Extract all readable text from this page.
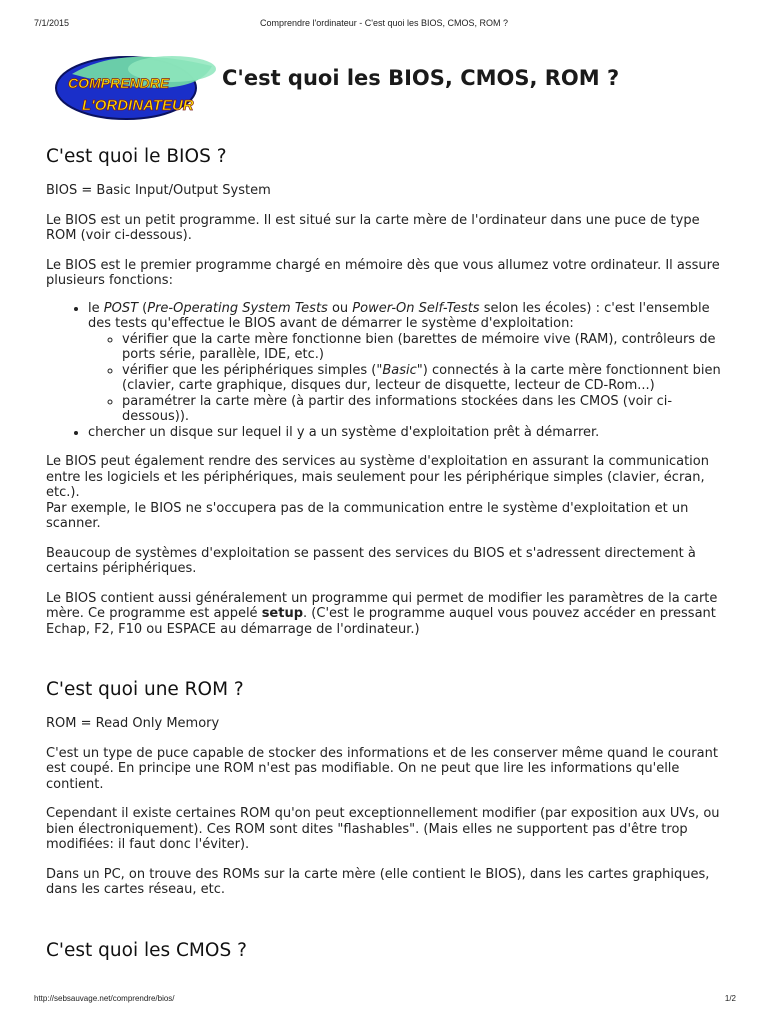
7/1/2015	Comprendre l'ordinateur - C'est quoi les BIOS, CMOS, ROM ?
COMPRENDRE
L'ORDINATEUR
C'est quoi les BIOS, CMOS, ROM ?
C'est quoi le BIOS ?

BIOS = Basic Input/Output System

Le BIOS est un petit programme. Il est situé sur la carte mère de l'ordinateur dans une puce de type ROM (voir ci-dessous).

Le BIOS est le premier programme chargé en mémoire dès que vous allumez votre ordinateur. Il assure plusieurs fonctions:

• le POST (Pre-Operating System Tests ou Power-On Self-Tests selon les écoles) : c'est l'ensemble des tests qu'effectue le BIOS avant de démarrer le système d'exploitation:
◦ vérifier que la carte mère fonctionne bien (barettes de mémoire vive (RAM), contrôleurs de ports série, parallèle, IDE, etc.)
◦ vérifier que les périphériques simples ("Basic") connectés à la carte mère fonctionnent bien (clavier, carte graphique, disques dur, lecteur de disquette, lecteur de CD-Rom...)
◦ paramétrer la carte mère (à partir des informations stockées dans les CMOS (voir ci-dessous)).
• chercher un disque sur lequel il y a un système d'exploitation prêt à démarrer.

Le BIOS peut également rendre des services au système d'exploitation en assurant la communication entre les logiciels et les périphériques, mais seulement pour les périphérique simples (clavier, écran, etc.).
Par exemple, le BIOS ne s'occupera pas de la communication entre le système d'exploitation et un scanner.

Beaucoup de systèmes d'exploitation se passent des services du BIOS et s'adressent directement à certains périphériques.

Le BIOS contient aussi généralement un programme qui permet de modifier les paramètres de la carte mère. Ce programme est appelé setup. (C'est le programme auquel vous pouvez accéder en pressant Echap, F2, F10 ou ESPACE au démarrage de l'ordinateur.)

C'est quoi une ROM ?

ROM = Read Only Memory

C'est un type de puce capable de stocker des informations et de les conserver même quand le courant est coupé. En principe une ROM n'est pas modifiable. On ne peut que lire les informations qu'elle contient.

Cependant il existe certaines ROM qu'on peut exceptionnellement modifier (par exposition aux UVs, ou bien électroniquement). Ces ROM sont dites "flashables". (Mais elles ne supportent pas d'être trop modifiées: il faut donc l'éviter).

Dans un PC, on trouve des ROMs sur la carte mère (elle contient le BIOS), dans les cartes graphiques, dans les cartes réseau, etc.

C'est quoi les CMOS ?
http://sebsauvage.net/comprendre/bios/	1/2
